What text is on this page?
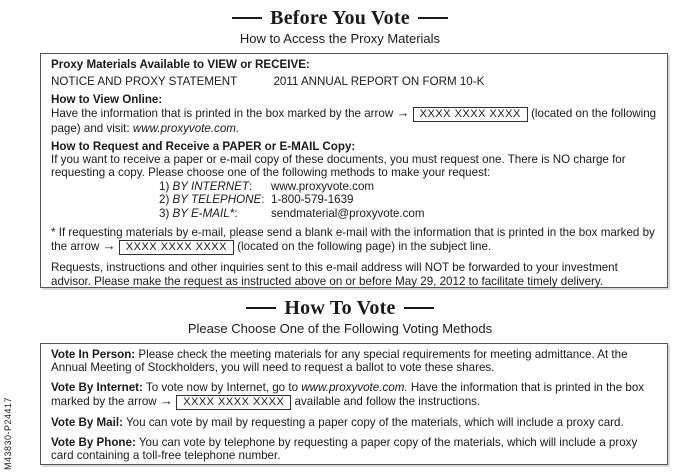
Before You Vote
How to Access the Proxy Materials

Proxy Materials Available to VIEW or RECEIVE:

NOTICE AND PROXY STATEMENT	2011 ANNUAL REPORT ON FORM 10-K

How to View Online:

Have the information that is printed in the box marked by the arrow → XXXX XXXX XXXX (located on the following page) and visit: www.proxyvote.com.

How to Request and Receive a PAPER or E-MAIL Copy:

If you want to receive a paper or e-mail copy of these documents, you must request one. There is NO charge for requesting a copy. Please choose one of the following methods to make your request:

1) BY INTERNET:	www.proxyvote.com
2) BY TELEPHONE: 1-800-579-1639
3) BY E-MAIL*:	sendmaterial@proxyvote.com

* If requesting materials by e-mail, please send a blank e-mail with the information that is printed in the box marked by the arrow → XXXX XXXX XXXX (located on the following page) in the subject line.

Requests, instructions and other inquiries sent to this e-mail address will NOT be forwarded to your investment advisor. Please make the request as instructed above on or before May 29, 2012 to facilitate timely delivery.

How To Vote
Please Choose One of the Following Voting Methods

Vote In Person: Please check the meeting materials for any special requirements for meeting admittance. At the Annual Meeting of Stockholders, you will need to request a ballot to vote these shares.

Vote By Internet: To vote now by Internet, go to www.proxyvote.com. Have the information that is printed in the box marked by the arrow → XXXX XXXX XXXX available and follow the instructions.

Vote By Mail: You can vote by mail by requesting a paper copy of the materials, which will include a proxy card.

Vote By Phone: You can vote by telephone by requesting a paper copy of the materials, which will include a proxy card containing a toll-free telephone number.

M43830-P24417
